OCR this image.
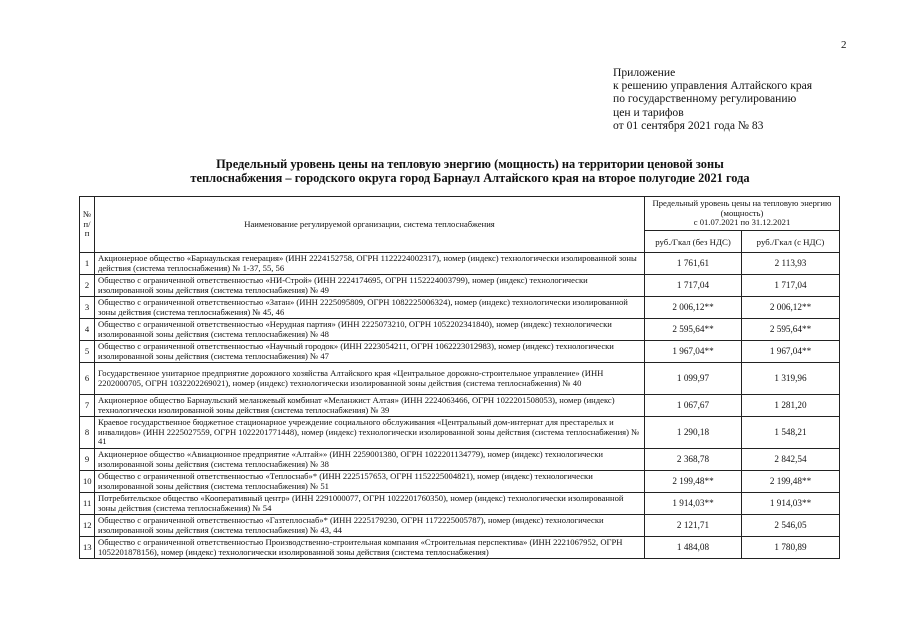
2
Приложение
к решению управления Алтайского края
по государственному регулированию
цен и тарифов
от 01 сентября 2021 года № 83
Предельный уровень цены на тепловую энергию (мощность) на территории ценовой зоны
теплоснабжения – городского округа город Барнаул Алтайского края на второе полугодие 2021 года
№ п/п	Наименование регулируемой организации, система теплоснабжения	Предельный уровень цены на тепловую энергию (мощность)
с 01.07.2021 по 31.12.2021	

		руб./Гкал (без НДС)	руб./Гкал (с НДС)
1	Акционерное общество «Барнаульская генерация» (ИНН 2224152758, ОГРН 1122224002317), номер (индекс) технологически изолированной зоны действия (система теплоснабжения) № 1-37, 55, 56	1 761,61	2 113,93
2	Общество с ограниченной ответственностью «НИ-Строй» (ИНН 2224174695, ОГРН 1152224003799), номер (индекс) технологически изолированной зоны действия (система теплоснабжения) № 49	1 717,04	1 717,04
3	Общество с ограниченной ответственностью «Затан» (ИНН 2225095809, ОГРН 1082225006324), номер (индекс) технологически изолированной зоны действия (система теплоснабжения) № 45, 46	2 006,12**	2 006,12**
4	Общество с ограниченной ответственностью «Нерудная партия» (ИНН 2225073210, ОГРН 1052202341840), номер (индекс) технологически изолированной зоны действия (система теплоснабжения) № 48	2 595,64**	2 595,64**
5	Общество с ограниченной ответственностью «Научный городок» (ИНН 2223054211, ОГРН 1062223012983), номер (индекс) технологически изолированной зоны действия (система теплоснабжения) № 47	1 967,04**	1 967,04**
6	Государственное унитарное предприятие дорожного хозяйства Алтайского края «Центральное дорожно-строительное управление» (ИНН 2202000705, ОГРН 1032202269021), номер (индекс) технологически изолированной зоны действия (система теплоснабжения) № 40	1 099,97	1 319,96
7	Акционерное общество Барнаульский меланжевый комбинат «Меланжист Алтая» (ИНН 2224063466, ОГРН 1022201508053), номер (индекс) технологически изолированной зоны действия (система теплоснабжения) № 39	1 067,67	1 281,20
8	Краевое государственное бюджетное стационарное учреждение социального обслуживания «Центральный дом-интернат для престарелых и инвалидов» (ИНН 2225027559, ОГРН 1022201771448), номер (индекс) технологически изолированной зоны действия (система теплоснабжения) № 41	1 290,18	1 548,21
9	Акционерное общество «Авиационное предприятие «Алтай»» (ИНН 2259001380, ОГРН 1022201134779), номер (индекс) технологически изолированной зоны действия (система теплоснабжения) № 38	2 368,78	2 842,54
10	Общество с ограниченной ответственностью «Теплоснаб»* (ИНН 2225157653, ОГРН 1152225004821), номер (индекс) технологически изолированной зоны действия (система теплоснабжения) № 51	2 199,48**	2 199,48**
11	Потребительское общество «Кооперативный центр» (ИНН 2291000077, ОГРН 1022201760350), номер (индекс) технологически изолированной зоны действия (система теплоснабжения) № 54	1 914,03**	1 914,03**
12	Общество с ограниченной ответственностью «Газтеплоснаб»* (ИНН 2225179230, ОГРН 1172225005787), номер (индекс) технологически изолированной зоны действия (система теплоснабжения) № 43, 44	2 121,71	2 546,05
13	Общество с ограниченной ответственностью Производственно-строительная компания «Строительная перспектива» (ИНН 2221067952, ОГРН 1052201878156), номер (индекс) технологически изолированной зоны действия (система теплоснабжения)	1 484,08	1 780,89
